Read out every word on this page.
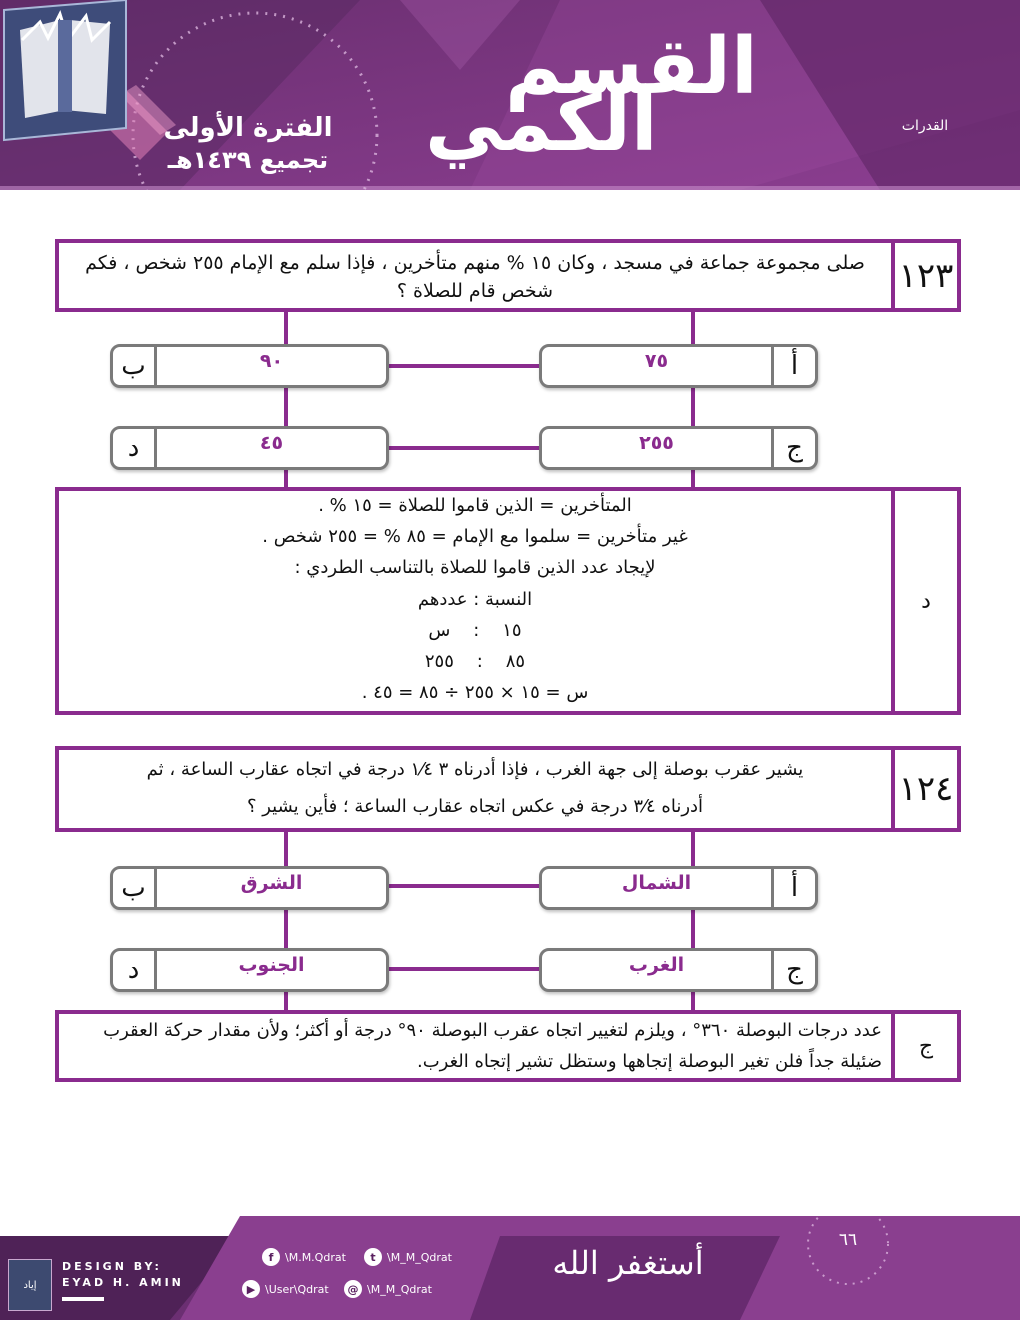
القسم
الكمي
الفترة الأولى
تجميع ١٤٣٩هـ
القدرات
صلى مجموعة جماعة في مسجد ، وكان ١٥ % منهم متأخرين ، فإذا سلم مع الإمام ٢٥٥ شخص ، فكم شخص قام للصلاة ؟	١٢٣
أ
٧٥
ب	٩٠
ج
٢٥٥
د	٤٥
د
المتأخرين = الذين قاموا للصلاة = ١٥ % .
غير متأخرين = سلموا مع الإمام = ٨٥ % = ٢٥٥ شخص .
لإيجاد عدد الذين قاموا للصلاة بالتناسب الطردي :
النسبة : عددهم
١٥    :    س
٨٥    :    ٢٥٥
س = ١٥ × ٢٥٥ ÷ ٨٥ = ٤٥ .
يشير عقرب بوصلة إلى جهة الغرب ، فإذا أدرناه ٣ ١⁄٤ درجة في اتجاه عقارب الساعة ، ثم
أدرناه ٣⁄٤ درجة في عكس اتجاه عقارب الساعة ؛ فأين يشير ؟	١٢٤
أ
الشمال
ب	الشرق
ج
الغرب
د	الجنوب
ج
عدد درجات البوصلة ٣٦٠° ، ويلزم لتغيير اتجاه عقرب البوصلة ٩٠° درجة أو أكثر؛ ولأن مقدار حركة العقرب ضئيلة جداً فلن تغير البوصلة إتجاهها وستظل تشير إتجاه الغرب.
إياد
DESIGN BY:
EYAD H. AMIN
f	\M.M.Qdrat	t	\M_M_Qdrat
▶ \User\Qdrat	@ \M_M_Qdrat
أستغفر الله
٦٦
